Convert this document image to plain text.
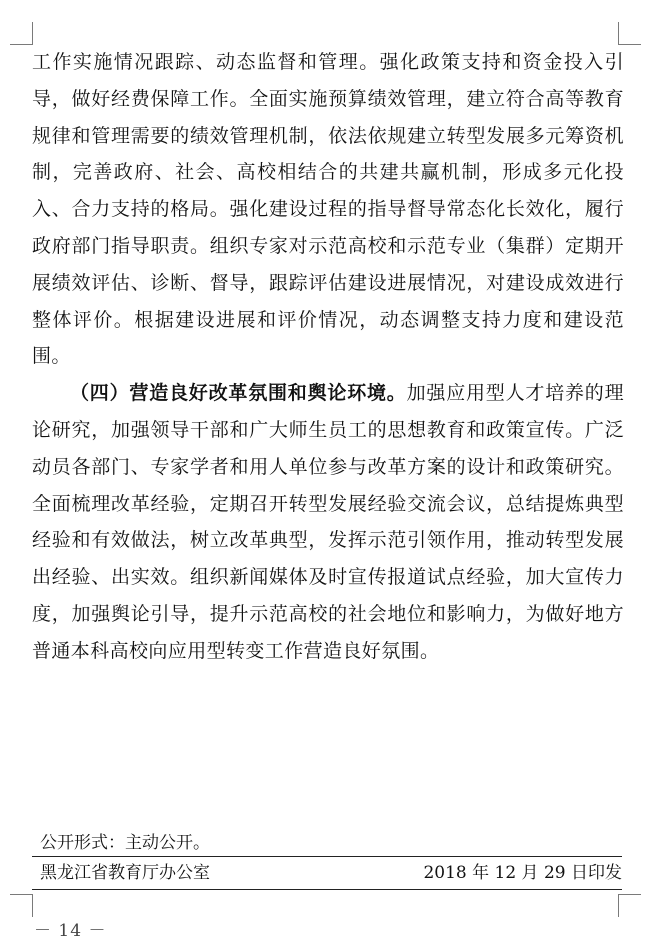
工作实施情况跟踪、动态监督和管理。强化政策支持和资金投入引导，做好经费保障工作。全面实施预算绩效管理，建立符合高等教育规律和管理需要的绩效管理机制，依法依规建立转型发展多元筹资机制，完善政府、社会、高校相结合的共建共赢机制，形成多元化投入、合力支持的格局。强化建设过程的指导督导常态化长效化，履行政府部门指导职责。组织专家对示范高校和示范专业（集群）定期开展绩效评估、诊断、督导，跟踪评估建设进展情况，对建设成效进行整体评价。根据建设进展和评价情况，动态调整支持力度和建设范围。

（四）营造良好改革氛围和舆论环境。加强应用型人才培养的理论研究，加强领导干部和广大师生员工的思想教育和政策宣传。广泛动员各部门、专家学者和用人单位参与改革方案的设计和政策研究。全面梳理改革经验，定期召开转型发展经验交流会议，总结提炼典型经验和有效做法，树立改革典型，发挥示范引领作用，推动转型发展出经验、出实效。组织新闻媒体及时宣传报道试点经验，加大宣传力度，加强舆论引导，提升示范高校的社会地位和影响力，为做好地方普通本科高校向应用型转变工作营造良好氛围。

公开形式：主动公开。
黑龙江省教育厅办公室	2018 年 12 月 29 日印发
－ 14 －
